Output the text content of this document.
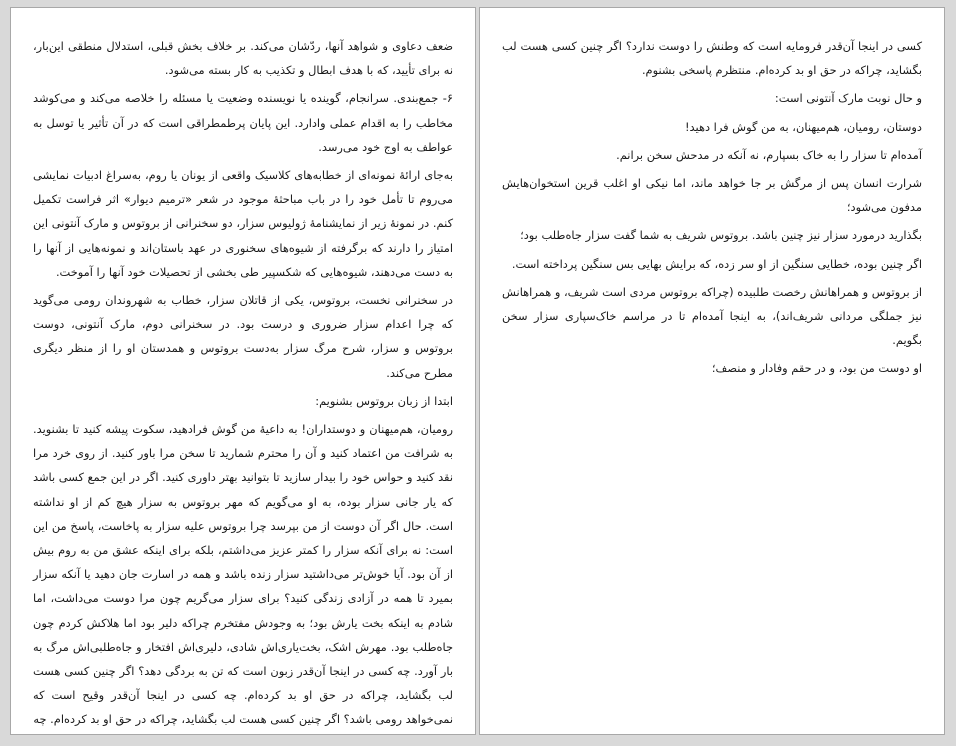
ضعف دعاوی و شواهد آنها، ردّشان می‌کند. بر خلاف بخش قبلی، استدلال منطقی این‌بار، نه برای تأیید، که با هدف ابطال و تکذیب به کار بسته می‌شود.

۶- جمع‌بندی. سرانجام، گوینده یا نویسنده وضعیت یا مسئله را خلاصه می‌کند و می‌کوشد مخاطب را به اقدام عملی وادارد. این پایان پرطمطراقی است که در آن تأثیر یا توسل به عواطف به اوج خود می‌رسد.

به‌جای ارائهٔ نمونه‌ای از خطابه‌های کلاسیک واقعی از یونان یا روم، به‌سراغ ادبیات نمایشی می‌روم تا تأمل خود را در باب مباحثهٔ موجود در شعر «ترمیم دیوار» اثر فراست تکمیل کنم. در نمونهٔ زیر از نمایشنامهٔ ژولیوس سزار، دو سخنرانی از بروتوس و مارک آنتونی این امتیاز را دارند که برگرفته از شیوه‌های سخنوری در عهد باستان‌اند و نمونه‌هایی از آنها را به دست می‌دهند، شیوه‌هایی که شکسپیر طی بخشی از تحصیلات خود آنها را آموخت.

در سخنرانی نخست، بروتوس، یکی از قاتلان سزار، خطاب به شهروندان رومی می‌گوید که چرا اعدام سزار ضروری و درست بود. در سخنرانی دوم، مارک آنتونی، دوست بروتوس و سزار، شرح مرگ سزار به‌دست بروتوس و همدستان او را از منظر دیگری مطرح می‌کند.

ابتدا از زبان بروتوس بشنویم:

رومیان، هم‌میهنان و دوستداران! به داعیهٔ من گوش فرادهید، سکوت پیشه کنید تا بشنوید. به شرافت من اعتماد کنید و آن را محترم شمارید تا سخن مرا باور کنید. از روی خرد مرا نقد کنید و حواس خود را بیدار سازید تا بتوانید بهتر داوری کنید. اگر در این جمع کسی باشد که یار جانی سزار بوده، به او می‌گویم که مهر بروتوس به سزار هیچ کم از او نداشته است. حال اگر آن دوست از من بپرسد چرا بروتوس علیه سزار به پاخاست، پاسخ من این است: نه برای آنکه سزار را کمتر عزیز می‌داشتم، بلکه برای اینکه عشق من به روم بیش از آن بود. آیا خوش‌تر می‌داشتید سزار زنده باشد و همه در اسارت جان دهید یا آنکه سزار بمیرد تا همه در آزادی زندگی کنید؟ برای سزار می‌گریم چون مرا دوست می‌داشت، اما شادم به اینکه بخت یارش بود؛ به وجودش مفتخرم چراکه دلیر بود اما هلاکش کردم چون جاه‌طلب بود. مهرش اشک، بخت‌یاری‌اش شادی، دلیری‌اش افتخار و جاه‌طلبی‌اش مرگ به بار آورد. چه کسی در اینجا آن‌قدر زبون است که تن به بردگی دهد؟ اگر چنین کسی هست لب بگشاید، چراکه در حق او بد کرده‌ام. چه کسی در اینجا آن‌قدر وقیح است که نمی‌خواهد رومی باشد؟ اگر چنین کسی هست لب بگشاید، چراکه در حق او بد کرده‌ام. چه

کسی در اینجا آن‌قدر فرومایه است که وطنش را دوست ندارد؟ اگر چنین کسی هست لب بگشاید، چراکه در حق او بد کرده‌ام. منتظرم پاسخی بشنوم.

و حال نوبت مارک آنتونی است:

دوستان، رومیان، هم‌میهنان، به من گوش فرا دهید!

آمده‌ام تا سزار را به خاک بسپارم، نه آنکه در مدحش سخن برانم.

شرارت انسان پس از مرگش بر جا خواهد ماند، اما نیکی او اغلب قرین استخوان‌هایش مدفون می‌شود؛

بگذارید درمورد سزار نیز چنین باشد. بروتوس شریف به شما گفت سزار جاه‌طلب بود؛

اگر چنین بوده، خطایی سنگین از او سر زده، که برایش بهایی بس سنگین پرداخته است.

از بروتوس و همراهانش رخصت طلبیده (چراکه بروتوس مردی است شریف، و همراهانش نیز جملگی مردانی شریف‌اند)، به اینجا آمده‌ام تا در مراسم خاک‌سپاری سزار سخن بگویم.

او دوست من بود، و در حقم وفادار و منصف؛
